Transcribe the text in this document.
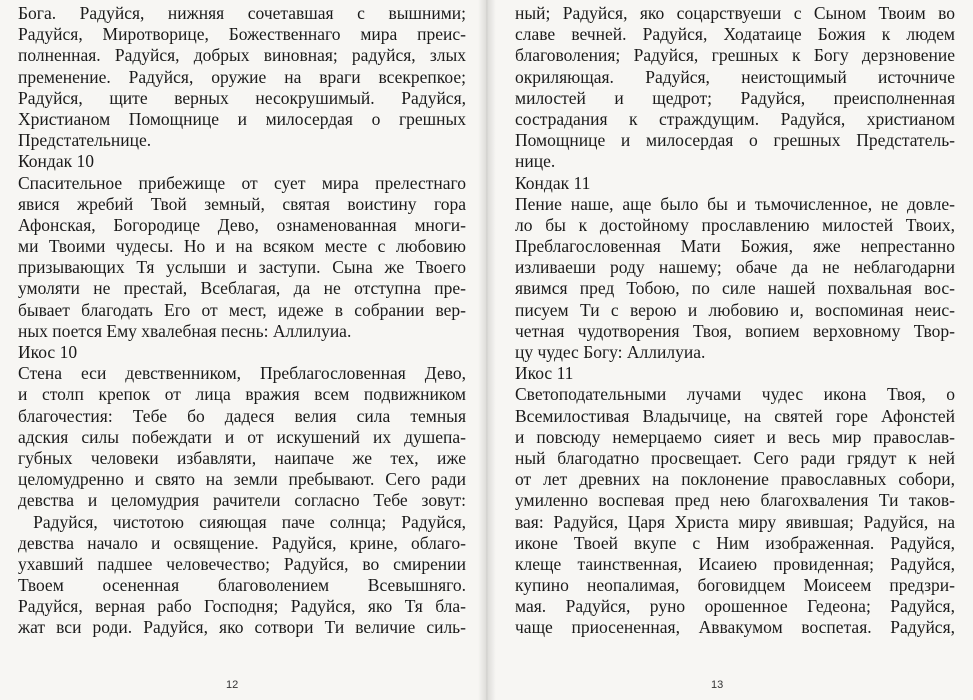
Бога. Радуйся, нижняя сочетавшая с вышними;
Радуйся, Миротворице, Божественнаго мира преис-
полненная. Радуйся, добрых виновная; радуйся, злых
пременение. Радуйся, оружие на враги всекрепкое;
Радуйся, щите верных несокрушимый. Радуйся,
Христианом Помощнице и милосердая о грешных
Предстательнице.
Кондак 10
Спасительное прибежище от сует мира прелестнаго
явися жребий Твой земный, святая воистину гора
Афонская, Богородице Дево, ознаменованная многи-
ми Твоими чудесы. Но и на всяком месте с любовию
призывающих Тя услыши и заступи. Сына же Твоего
умоляти не престай, Всеблагая, да не отступна пре-
бывает благодать Его от мест, идеже в собрании вер-
ных поется Ему хвалебная песнь: Аллилуиа.
Икос 10
Стена еси девственником, Преблагословенная Дево,
и столп крепок от лица вражия всем подвижником
благочестия: Тебе бо дадеся велия сила темныя
адския силы побеждати и от искушений их душепа-
губных человеки избавляти, наипаче же тех, иже
целомудренно и свято на земли пребывают. Сего ради
девства и целомудрия рачители согласно Тебе зовут:
Радуйся, чистотою сияющая паче солнца; Радуйся,
девства начало и освящение. Радуйся, крине, облаго-
ухавший падшее человечество; Радуйся, во смирении
Твоем осененная благоволением Всевышняго.
Радуйся, верная рабо Господня; Радуйся, яко Тя бла-
жат вси роди. Радуйся, яко сотвори Ти величие силь-
12
ный; Радуйся, яко соцарствуеши с Сыном Твоим во
славе вечней. Радуйся, Ходатаице Божия к людем
благоволения; Радуйся, грешных к Богу дерзновение
окриляющая. Радуйся, неистощимый источниче
милостей и щедрот; Радуйся, преисполненная
сострадания к страждущим. Радуйся, христианом
Помощнице и милосердая о грешных Предстатель-
нице.
Кондак 11
Пение наше, аще было бы и тьмочисленное, не довле-
ло бы к достойному прославлению милостей Твоих,
Преблагословенная Мати Божия, яже непрестанно
изливаеши роду нашему; обаче да не неблагодарни
явимся пред Тобою, по силе нашей похвальная вос-
писуем Ти с верою и любовию и, воспоминая неис-
четная чудотворения Твоя, вопием верховному Твор-
цу чудес Богу: Аллилуиа.
Икос 11
Светоподательными лучами чудес икона Твоя, о
Всемилостивая Владычице, на святей горе Афонстей
и повсюду немерцаемо сияет и весь мир православ-
ный благодатно просвещает. Сего ради грядут к ней
от лет древних на поклонение православных собори,
умиленно воспевая пред нею благохваления Ти таков-
вая: Радуйся, Царя Христа миру явившая; Радуйся, на
иконе Твоей вкупе с Ним изображенная. Радуйся,
клеще таинственная, Исаиею провиденная; Радуйся,
купино неопалимая, боговидцем Моисеем предзри-
мая. Радуйся, руно орошенное Гедеона; Радуйся,
чаще приосененная, Аввакумом воспетая. Радуйся,
13
